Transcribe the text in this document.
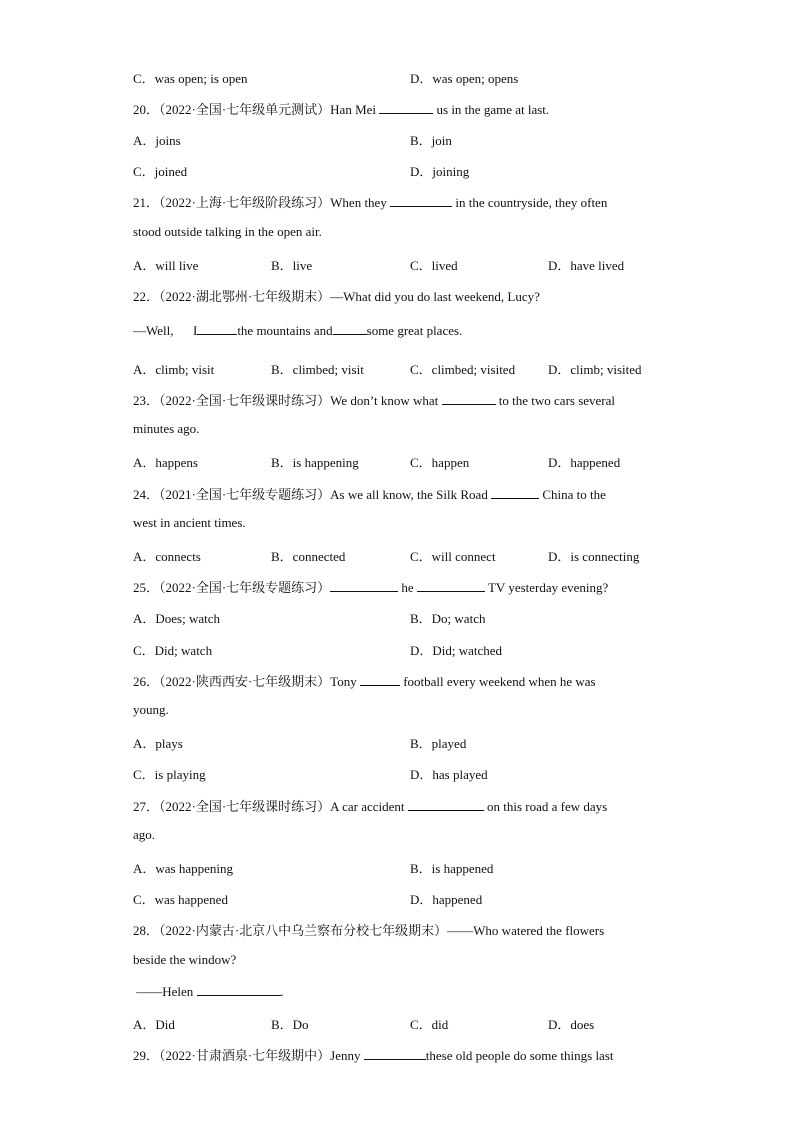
C．was open; is open	D．was open; opens
20．（2022·全国·七年级单元测试）Han Mei	us in the game at last.
A．joins	B．join
C．joined	D．joining
21．（2022·上海·七年级阶段练习）When they	in the countryside, they often
stood outside talking in the open air.
A．will live	B．live	C．lived	D．have lived
22．（2022·湖北鄂州·七年级期末）—What did you do last weekend, Lucy?
—Well,      I	the mountains and	some great places.
A．climb; visit	B．climbed; visit	C．climbed; visited	D．climb; visited
23．（2022·全国·七年级课时练习）We don’t know what	to the two cars several
minutes ago.
A．happens	B．is happening	C．happen	D．happened
24．（2021·全国·七年级专题练习）As we all know, the Silk Road	China to the
west in ancient times.
A．connects	B．connected	C．will connect	D．is connecting
25．（2022·全国·七年级专题练习）	he	TV yesterday evening?
A．Does; watch	B．Do; watch
C．Did; watch	D．Did; watched
26．（2022·陕西西安·七年级期末）Tony	football every weekend when he was
young.
A．plays	B．played
C．is playing	D．has played
27．（2022·全国·七年级课时练习）A car accident	on this road a few days
ago.
A．was happening	B．is happened
C．was happened	D．happened
28．（2022·内蒙古·北京八中乌兰察布分校七年级期末）——Who watered the flowers
beside the window?
——Helen	.
A．Did	B．Do	C．did	D．does
29．（2022·甘肃酒泉·七年级期中）Jenny	these old people do some things last
